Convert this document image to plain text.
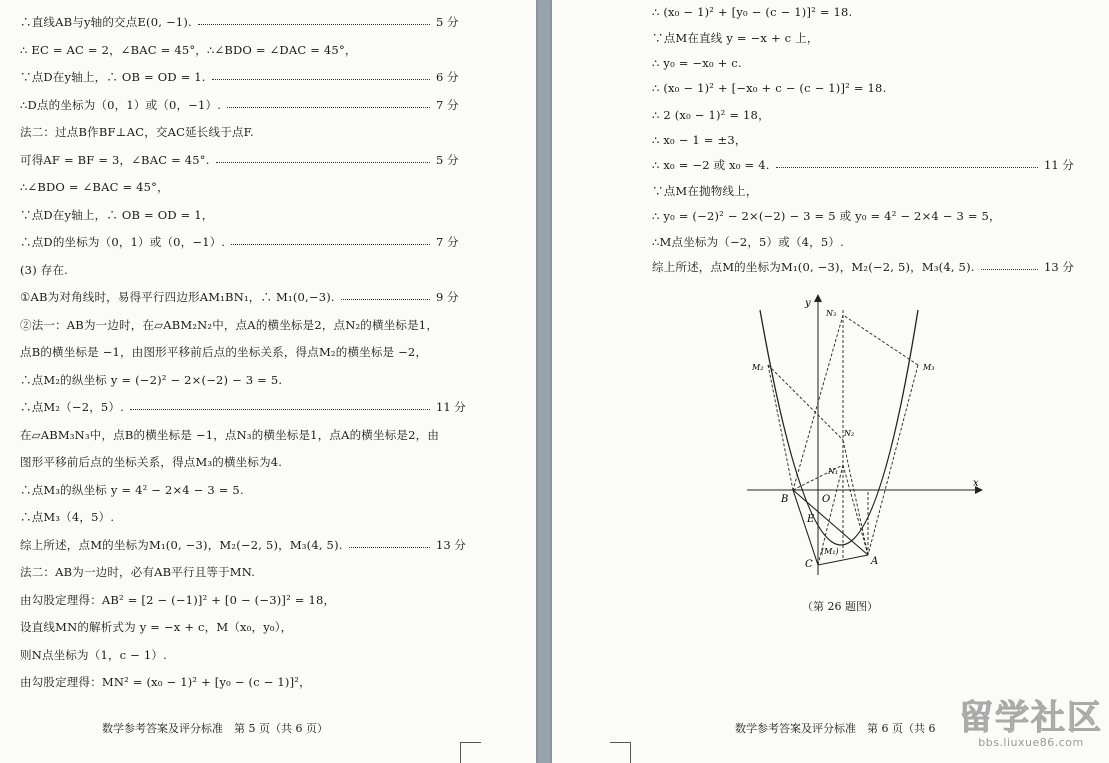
∴直线AB与y轴的交点E(0, −1).	5 分
∴ EC = AC = 2，∠BAC = 45°，∴∠BDO = ∠DAC = 45°，
∵点D在y轴上，∴ OB = OD = 1.	6 分
∴D点的坐标为（0，1）或（0，−1）.	7 分
法二：过点B作BF⊥AC，交AC延长线于点F.
可得AF = BF = 3，∠BAC = 45°.	5 分
∴∠BDO = ∠BAC = 45°，
∵点D在y轴上，∴ OB = OD = 1，
∴点D的坐标为（0，1）或（0，−1）.	7 分
(3) 存在.
①AB为对角线时，易得平行四边形AM₁BN₁，∴ M₁(0,−3).	9 分
②法一：AB为一边时，在▱ABM₂N₂中，点A的横坐标是2，点N₂的横坐标是1，
点B的横坐标是 −1，由图形平移前后点的坐标关系，得点M₂的横坐标是 −2，
∴点M₂的纵坐标 y = (−2)² − 2×(−2) − 3 = 5.
∴点M₂（−2，5）.	11 分
在▱ABM₃N₃中，点B的横坐标是 −1，点N₃的横坐标是1，点A的横坐标是2，由
图形平移前后点的坐标关系，得点M₃的横坐标为4.
∴点M₃的纵坐标 y = 4² − 2×4 − 3 = 5.
∴点M₃（4，5）.
综上所述，点M的坐标为M₁(0, −3)，M₂(−2, 5)，M₃(4, 5).	13 分
法二：AB为一边时，必有AB平行且等于MN.
由勾股定理得：AB² = [2 − (−1)]² + [0 − (−3)]² = 18，
设直线MN的解析式为 y = −x + c，M（x₀，y₀），
则N点坐标为（1，c − 1）.
由勾股定理得：MN² = (x₀ − 1)² + [y₀ − (c − 1)]²，
数学参考答案及评分标准　第 5 页（共 6 页）
∴ (x₀ − 1)² + [y₀ − (c − 1)]² = 18.
∵点M在直线 y = −x + c 上，
∴ y₀ = −x₀ + c.
∴ (x₀ − 1)² + [−x₀ + c − (c − 1)]² = 18.
∴ 2 (x₀ − 1)² = 18，
∴ x₀ − 1 = ±3，
∴ x₀ = −2 或 x₀ = 4.	11 分
∵点M在抛物线上，
∴ y₀ = (−2)² − 2×(−2) − 3 = 5 或 y₀ = 4² − 2×4 − 3 = 5，
∴M点坐标为（−2，5）或（4，5）.
综上所述，点M的坐标为M₁(0, −3)，M₂(−2, 5)，M₃(4, 5).	13 分
x
y
O
B
A
C
E
(M₁)
M₂	M₃
N₁
N₂
N₃
（第 26 题图）
数学参考答案及评分标准　第 6 页（共 6 留学社区
bbs.liuxue86.com
